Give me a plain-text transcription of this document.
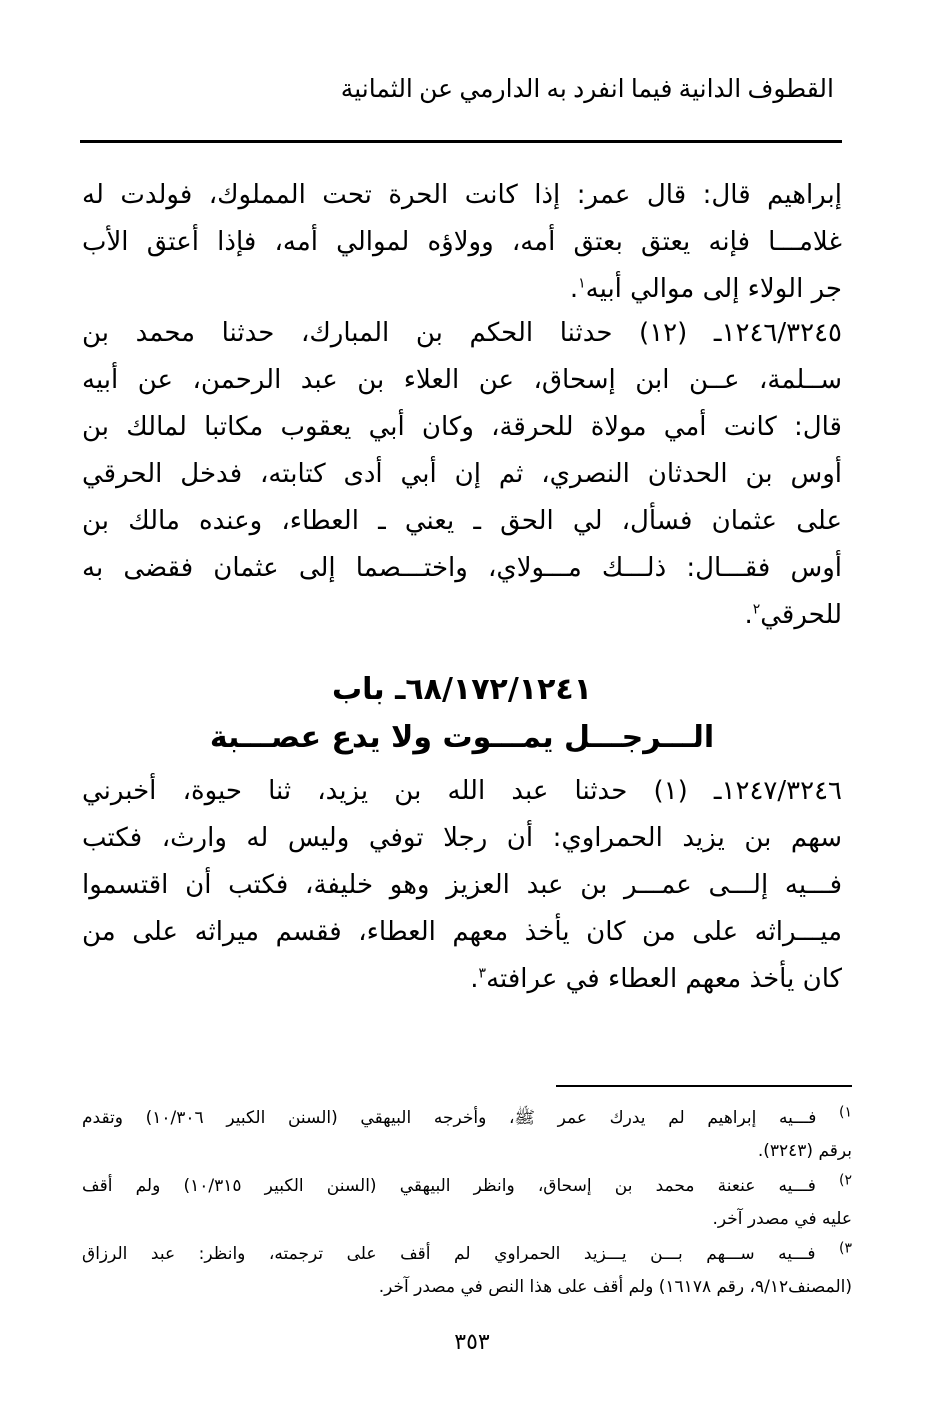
القطوف الدانية فيما انفرد به الدارمي عن الثمانية
إبراهيم قال: قال عمر: إذا كانت الحرة تحت المملوك، فولدت له
غلامـــا فإنه يعتق بعتق أمه، وولاؤه لموالي أمه، فإذا أعتق الأب
جر الولاء إلى موالي أبيه$^١$.
١٢٤٦/٣٢٤٥ـ (١٢) حدثنا الحكم بن المبارك، حدثنا محمد بن
ســلمة، عــن ابن إسحاق، عن العلاء بن عبد الرحمن، عن أبيه
قال: كانت أمي مولاة للحرقة، وكان أبي يعقوب مكاتبا لمالك بن
أوس بن الحدثان النصري، ثم إن أبي أدى كتابته، فدخل الحرقي
على عثمان فسأل، لي الحق ـ يعني ـ العطاء، وعنده مالك بن
أوس فقـــال: ذلـــك مـــولاي، واختـــصما إلى عثمان فقضى به
للحرقي$^٢$.
٦٨/١٧٢/١٢٤١ـ باب
الـــرجـــل يمـــوت ولا يدع عصـــبة
١٢٤٧/٣٢٤٦ـ (١) حدثنا عبد الله بن يزيد، ثنا حيوة، أخبرني
سهم بن يزيد الحمراوي: أن رجلا توفي وليس له وارث، فكتب
فـــيه إلـــى عمـــر بن عبد العزيز وهو خليفة، فكتب أن اقتسموا
ميـــراثه على من كان يأخذ معهم العطاء، فقسم ميراثه على من
كان يأخذ معهم العطاء في عرافته$^٣$.
$^{١)}$ فـــيه إبراهيم لم يدرك عمر ﷺ، وأخرجه البيهقي (السنن الكبير ١٠/٣٠٦) وتقدم
برقم (٣٢٤٣).
$^{٢)}$ فـــيه عنعنة محمد بن إسحاق، وانظر البيهقي (السنن الكبير ١٠/٣١٥) ولم أقف
عليه في مصدر آخر.
$^{٣)}$ فـــيه ســـهم بـــن يـــزيد الحمراوي لم أقف على ترجمته، وانظر: عبد الرزاق
(المصنف٩/١٢، رقم ١٦١٧٨) ولم أقف على هذا النص في مصدر آخر.
٣٥٣
